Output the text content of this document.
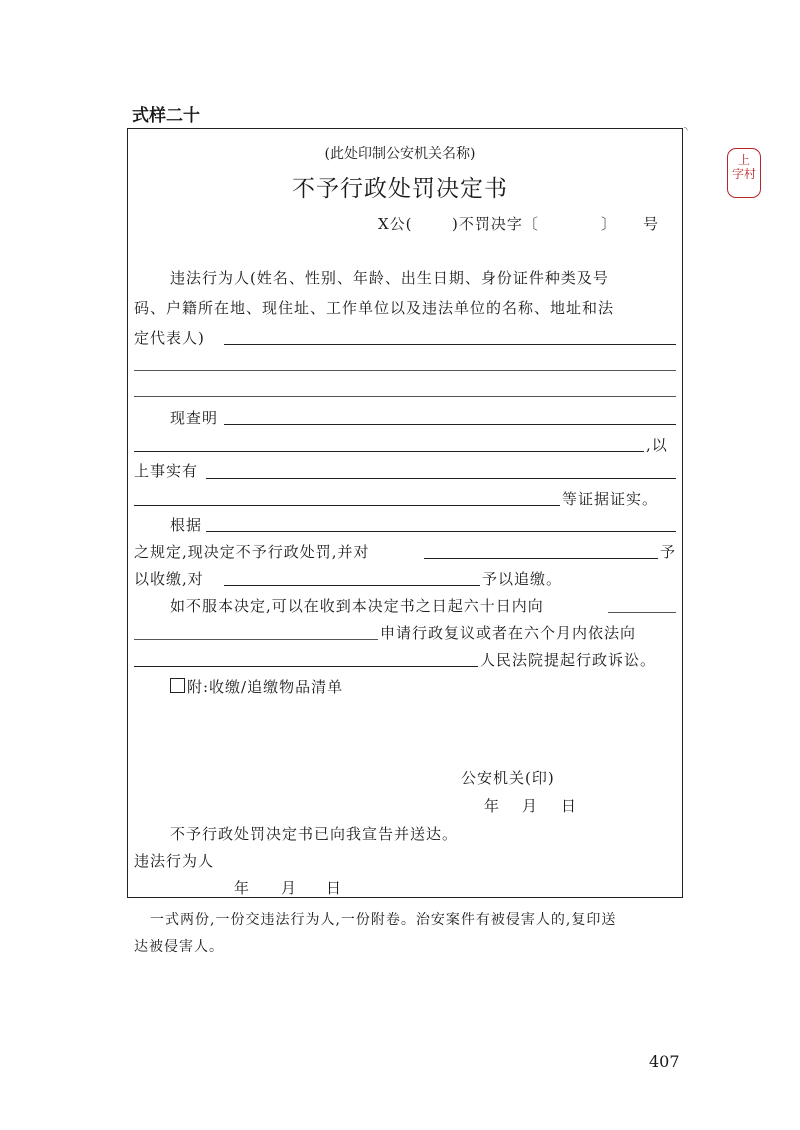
式样二十
上
字村
◝
(此处印制公安机关名称)
不予行政处罚决定书
X公(	)不罚决字〔	〕 号
违法行为人(姓名、性别、年龄、出生日期、身份证件种类及号
码、户籍所在地、现住址、工作单位以及违法单位的名称、地址和法
定代表人)
现查明
,以
上事实有
等证据证实。
根据
之规定,现决定不予行政处罚,并对	予
以收缴,对	予以追缴。
如不服本决定,可以在收到本决定书之日起六十日内向
申请行政复议或者在六个月内依法向
人民法院提起行政诉讼。
附:收缴/追缴物品清单
公安机关(印)
年 月 日
不予行政处罚决定书已向我宣告并送达。
违法行为人
年 月 日
一式两份,一份交违法行为人,一份附卷。治安案件有被侵害人的,复印送
达被侵害人。
407
